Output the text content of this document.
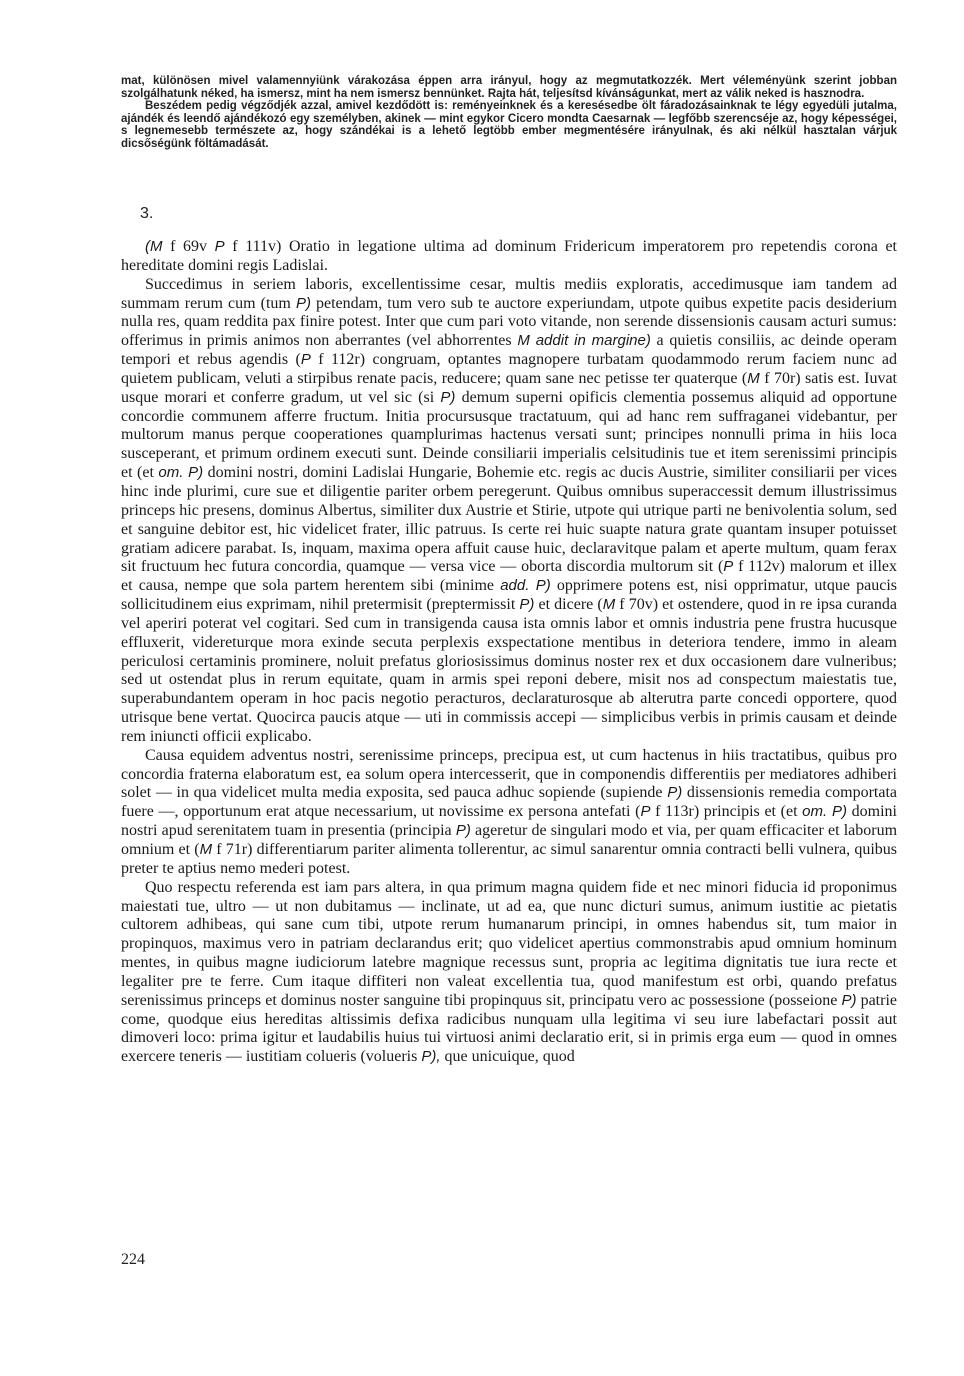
mat, különösen mivel valamennyiünk várakozása éppen arra irányul, hogy az megmutatkozzék. Mert véleményünk szerint jobban szolgálhatunk néked, ha ismersz, mint ha nem ismersz bennünket. Rajta hát, teljesítsd kívánságunkat, mert az válik neked is hasznodra.

Beszédem pedig végződjék azzal, amivel kezdődött is: reményeinknek és a keresésedbe ölt fáradozásainknak te légy egyedüli jutalma, ajándék és leendő ajándékozó egy személyben, akinek — mint egykor Cicero mondta Caesarnak — legfőbb szerencséje az, hogy képességei, s legnemesebb természete az, hogy szándékai is a lehető legtöbb ember megmentésére irányulnak, és aki nélkül hasztalan várjuk dicsőségünk föltámadását.

3.

(M f 69v P f 111v) Oratio in legatione ultima ad dominum Fridericum imperatorem pro repetendis corona et hereditate domini regis Ladislai.

Succedimus in seriem laboris, excellentissime cesar, multis mediis exploratis, accedimusque iam tandem ad summam rerum cum (tum P) petendam, tum vero sub te auctore experiundam, utpote quibus expetite pacis desiderium nulla res, quam reddita pax finire potest. Inter que cum pari voto vitande, non serende dissensionis causam acturi sumus: offerimus in primis animos non aberrantes (vel abhorrentes M addit in margine) a quietis consiliis, ac deinde operam tempori et rebus agendis (P f 112r) congruam, optantes magnopere turbatam quodammodo rerum faciem nunc ad quietem publicam, veluti a stirpibus renate pacis, reducere; quam sane nec petisse ter quaterque (M f 70r) satis est. Iuvat usque morari et conferre gradum, ut vel sic (si P) demum superni opificis clementia possemus aliquid ad opportune concordie communem afferre fructum. Initia procursusque tractatuum, qui ad hanc rem suffraganei videbantur, per multorum manus perque cooperationes quamplurimas hactenus versati sunt; principes nonnulli prima in hiis loca susceperant, et primum ordinem executi sunt. Deinde consiliarii imperialis celsitudinis tue et item serenissimi principis et (et om. P) domini nostri, domini Ladislai Hungarie, Bohemie etc. regis ac ducis Austrie, similiter consiliarii per vices hinc inde plurimi, cure sue et diligentie pariter orbem peregerunt. Quibus omnibus superaccessit demum illustrissimus princeps hic presens, dominus Albertus, similiter dux Austrie et Stirie, utpote qui utrique parti ne benivolentia solum, sed et sanguine debitor est, hic videlicet frater, illic patruus. Is certe rei huic suapte natura grate quantam insuper potuisset gratiam adicere parabat. Is, inquam, maxima opera affuit cause huic, declaravitque palam et aperte multum, quam ferax sit fructuum hec futura concordia, quamque — versa vice — oborta discordia multorum sit (P f 112v) malorum et illex et causa, nempe que sola partem herentem sibi (minime add. P) opprimere potens est, nisi opprimatur, utque paucis sollicitudinem eius exprimam, nihil pretermisit (preptermissit P) et dicere (M f 70v) et ostendere, quod in re ipsa curanda vel aperiri poterat vel cogitari. Sed cum in transigenda causa ista omnis labor et omnis industria pene frustra hucusque effluxerit, videreturque mora exinde secuta perplexis exspectatione mentibus in deteriora tendere, immo in aleam periculosi certaminis prominere, noluit prefatus gloriosissimus dominus noster rex et dux occasionem dare vulneribus; sed ut ostendat plus in rerum equitate, quam in armis spei reponi debere, misit nos ad conspectum maiestatis tue, superabundantem operam in hoc pacis negotio peracturos, declaraturosque ab alterutra parte concedi opportere, quod utrisque bene vertat. Quocirca paucis atque — uti in commissis accepi — simplicibus verbis in primis causam et deinde rem iniuncti officii explicabo.

Causa equidem adventus nostri, serenissime princeps, precipua est, ut cum hactenus in hiis tractatibus, quibus pro concordia fraterna elaboratum est, ea solum opera intercesserit, que in componendis differentiis per mediatores adhiberi solet — in qua videlicet multa media exposita, sed pauca adhuc sopiende (supiende P) dissensionis remedia comportata fuere —, opportunum erat atque necessarium, ut novissime ex persona antefati (P f 113r) principis et (et om. P) domini nostri apud serenitatem tuam in presentia (principia P) ageretur de singulari modo et via, per quam efficaciter et laborum omnium et (M f 71r) differentiarum pariter alimenta tollerentur, ac simul sanarentur omnia contracti belli vulnera, quibus preter te aptius nemo mederi potest.

Quo respectu referenda est iam pars altera, in qua primum magna quidem fide et nec minori fiducia id proponimus maiestati tue, ultro — ut non dubitamus — inclinate, ut ad ea, que nunc dicturi sumus, animum iustitie ac pietatis cultorem adhibeas, qui sane cum tibi, utpote rerum humanarum principi, in omnes habendus sit, tum maior in propinquos, maximus vero in patriam declarandus erit; quo videlicet apertius commonstrabis apud omnium hominum mentes, in quibus magne iudiciorum latebre magnique recessus sunt, propria ac legitima dignitatis tue iura recte et legaliter pre te ferre. Cum itaque diffiteri non valeat excellentia tua, quod manifestum est orbi, quando prefatus serenissimus princeps et dominus noster sanguine tibi propinquus sit, principatu vero ac possessione (posseione P) patrie come, quodque eius hereditas altissimis defixa radicibus nunquam ulla legitima vi seu iure labefactari possit aut dimoveri loco: prima igitur et laudabilis huius tui virtuosi animi declaratio erit, si in primis erga eum — quod in omnes exercere teneris — iustitiam colueris (volueris P), que unicuique, quod

224
